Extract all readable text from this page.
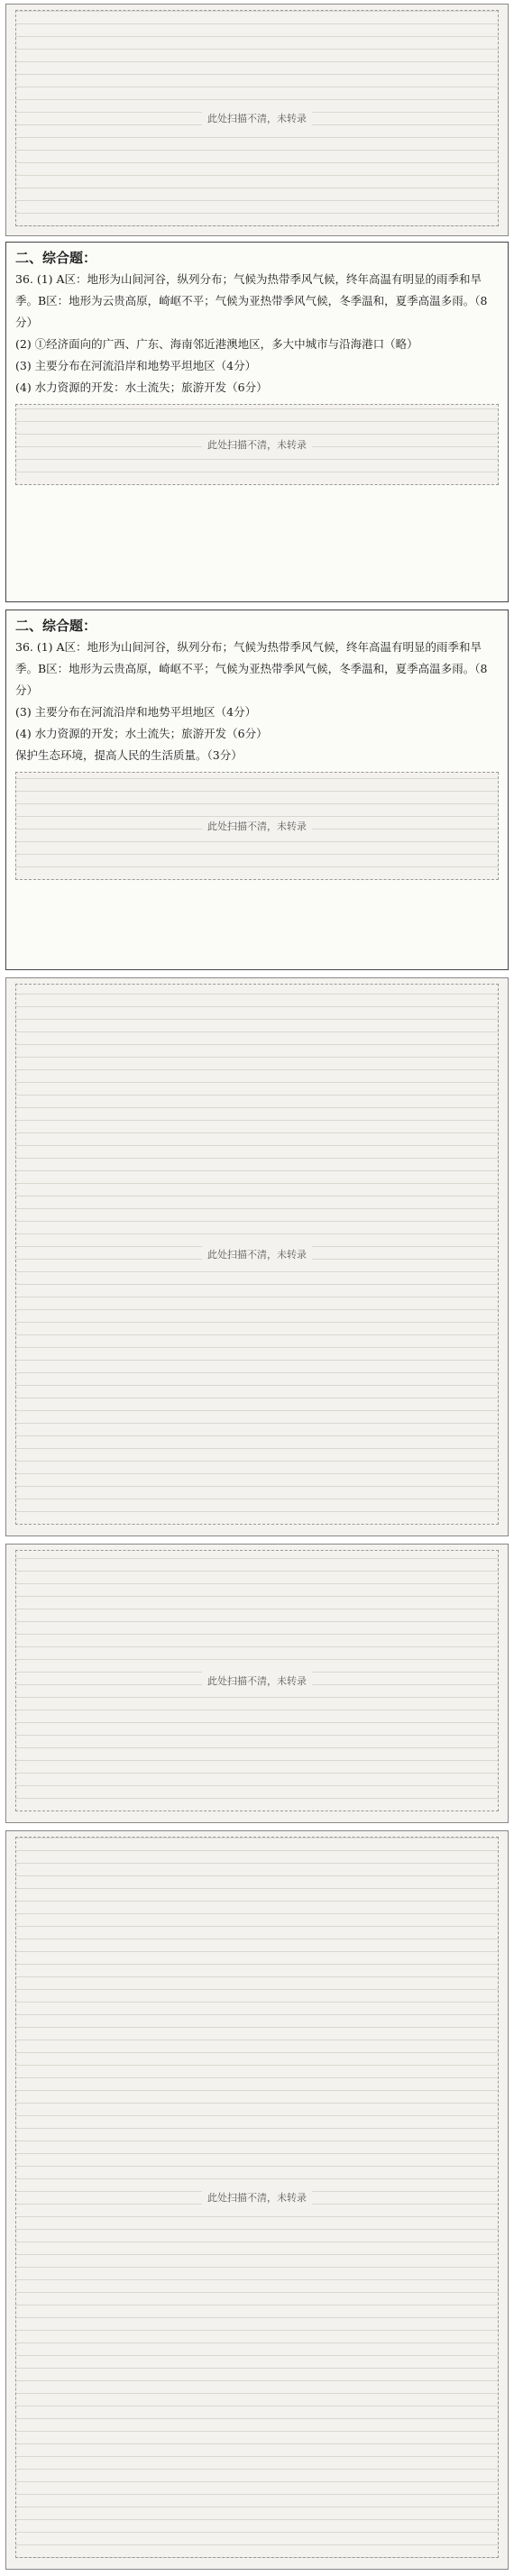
此处扫描不清，未转录
二、综合题：

36. (1) A区：地形为山间河谷，纵列分布；气候为热带季风气候，终年高温有明显的雨季和旱季。B区：地形为云贵高原，崎岖不平；气候为亚热带季风气候，冬季温和，夏季高温多雨。（8分）

(2) ①经济面向的广西、广东、海南邻近港澳地区，多大中城市与沿海港口（略）

(3) 主要分布在河流沿岸和地势平坦地区（4分）

(4) 水力资源的开发：水土流失；旅游开发（6分）

此处扫描不清，未转录
二、综合题：

36. (1) A区：地形为山间河谷，纵列分布；气候为热带季风气候，终年高温有明显的雨季和旱季。B区：地形为云贵高原，崎岖不平；气候为亚热带季风气候，冬季温和，夏季高温多雨。（8分）

(3) 主要分布在河流沿岸和地势平坦地区（4分）

(4) 水力资源的开发；水土流失；旅游开发（6分）

保护生态环境，提高人民的生活质量。（3分）

此处扫描不清，未转录
此处扫描不清，未转录
此处扫描不清，未转录
此处扫描不清，未转录
